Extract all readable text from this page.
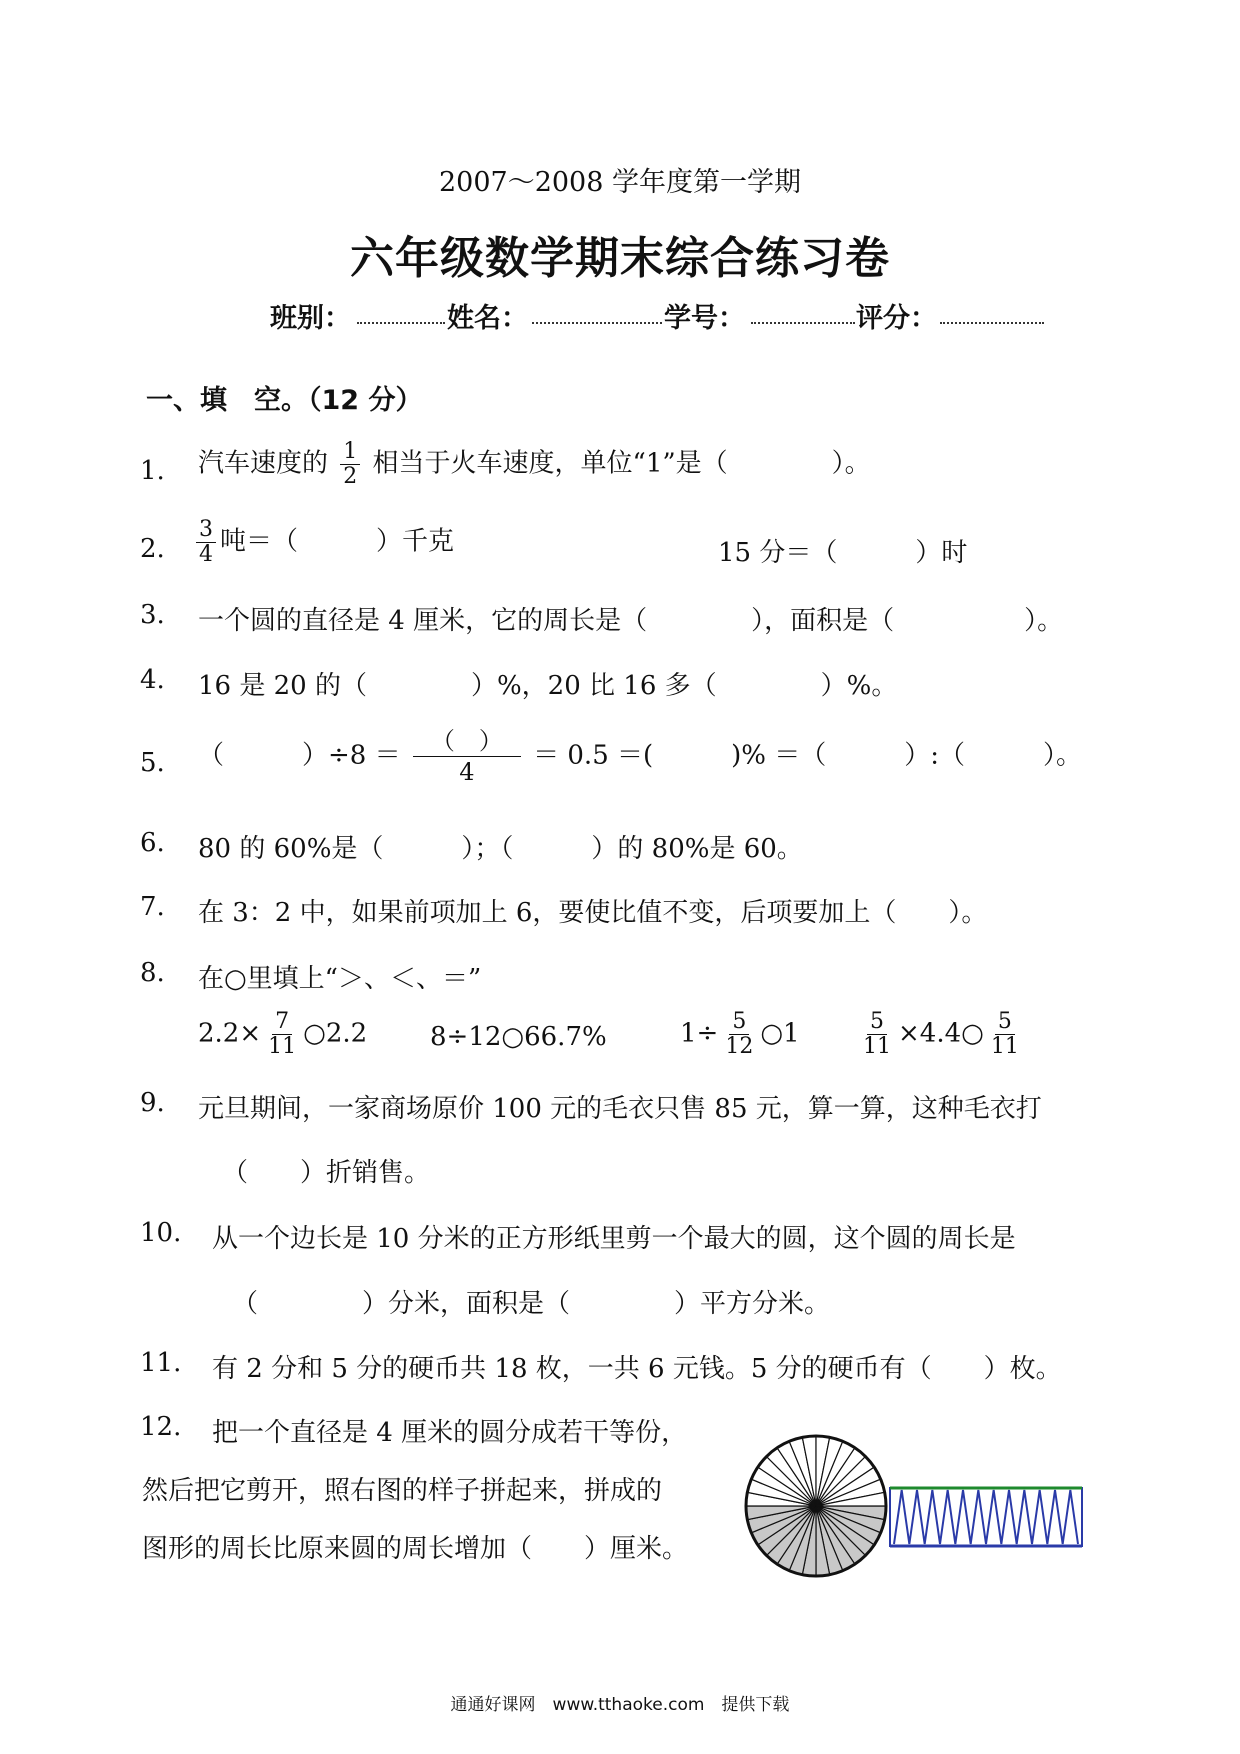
2007～2008 学年度第一学期
六年级数学期末综合练习卷
班别：	姓名：	学号：	评分：
一、填　空。（12 分）
1. 汽车速度的 $\frac{1}{2}$ 相当于火车速度，单位“1”是（　　　　）。
2. $\frac{3}{4}$ 吨＝（　　　）千克	15 分＝（　　　）时
3. 一个圆的直径是 4 厘米，它的周长是（　　　　），面积是（　　　　　）。
4. 16 是 20 的（　　　　）%，20 比 16 多（　　　　）%。
5. （　　　）$\div 8 = \frac{( )}{4} = 0.5$ ＝(　　　)% ＝（　　　）:（　　　）。
6. 80 的 60%是（　　　）；（　　　）的 80%是 60。
7. 在 3：2 中，如果前项加上 6，要使比值不变，后项要加上（　　）。
8. 在○里填上“＞、＜、＝”
$2.2\times \frac{7}{11}$ ○2.2 8÷12○66.7%	$1\div \frac{5}{12}$ ○1	$\frac{5}{11}$ ×4.4○ $\frac{5}{11}$
9. 元旦期间，一家商场原价 100 元的毛衣只售 85 元，算一算，这种毛衣打
（　　）折销售。
10. 从一个边长是 10 分米的正方形纸里剪一个最大的圆，这个圆的周长是
（　　　　）分米，面积是（　　　　）平方分米。
11. 有 2 分和 5 分的硬币共 18 枚，一共 6 元钱。5 分的硬币有（　　）枚。
12. 把一个直径是 4 厘米的圆分成若干等份，
然后把它剪开，照右图的样子拼起来，拼成的
图形的周长比原来圆的周长增加（　　）厘米。
通通好课网　www.tthaoke.com　提供下载
